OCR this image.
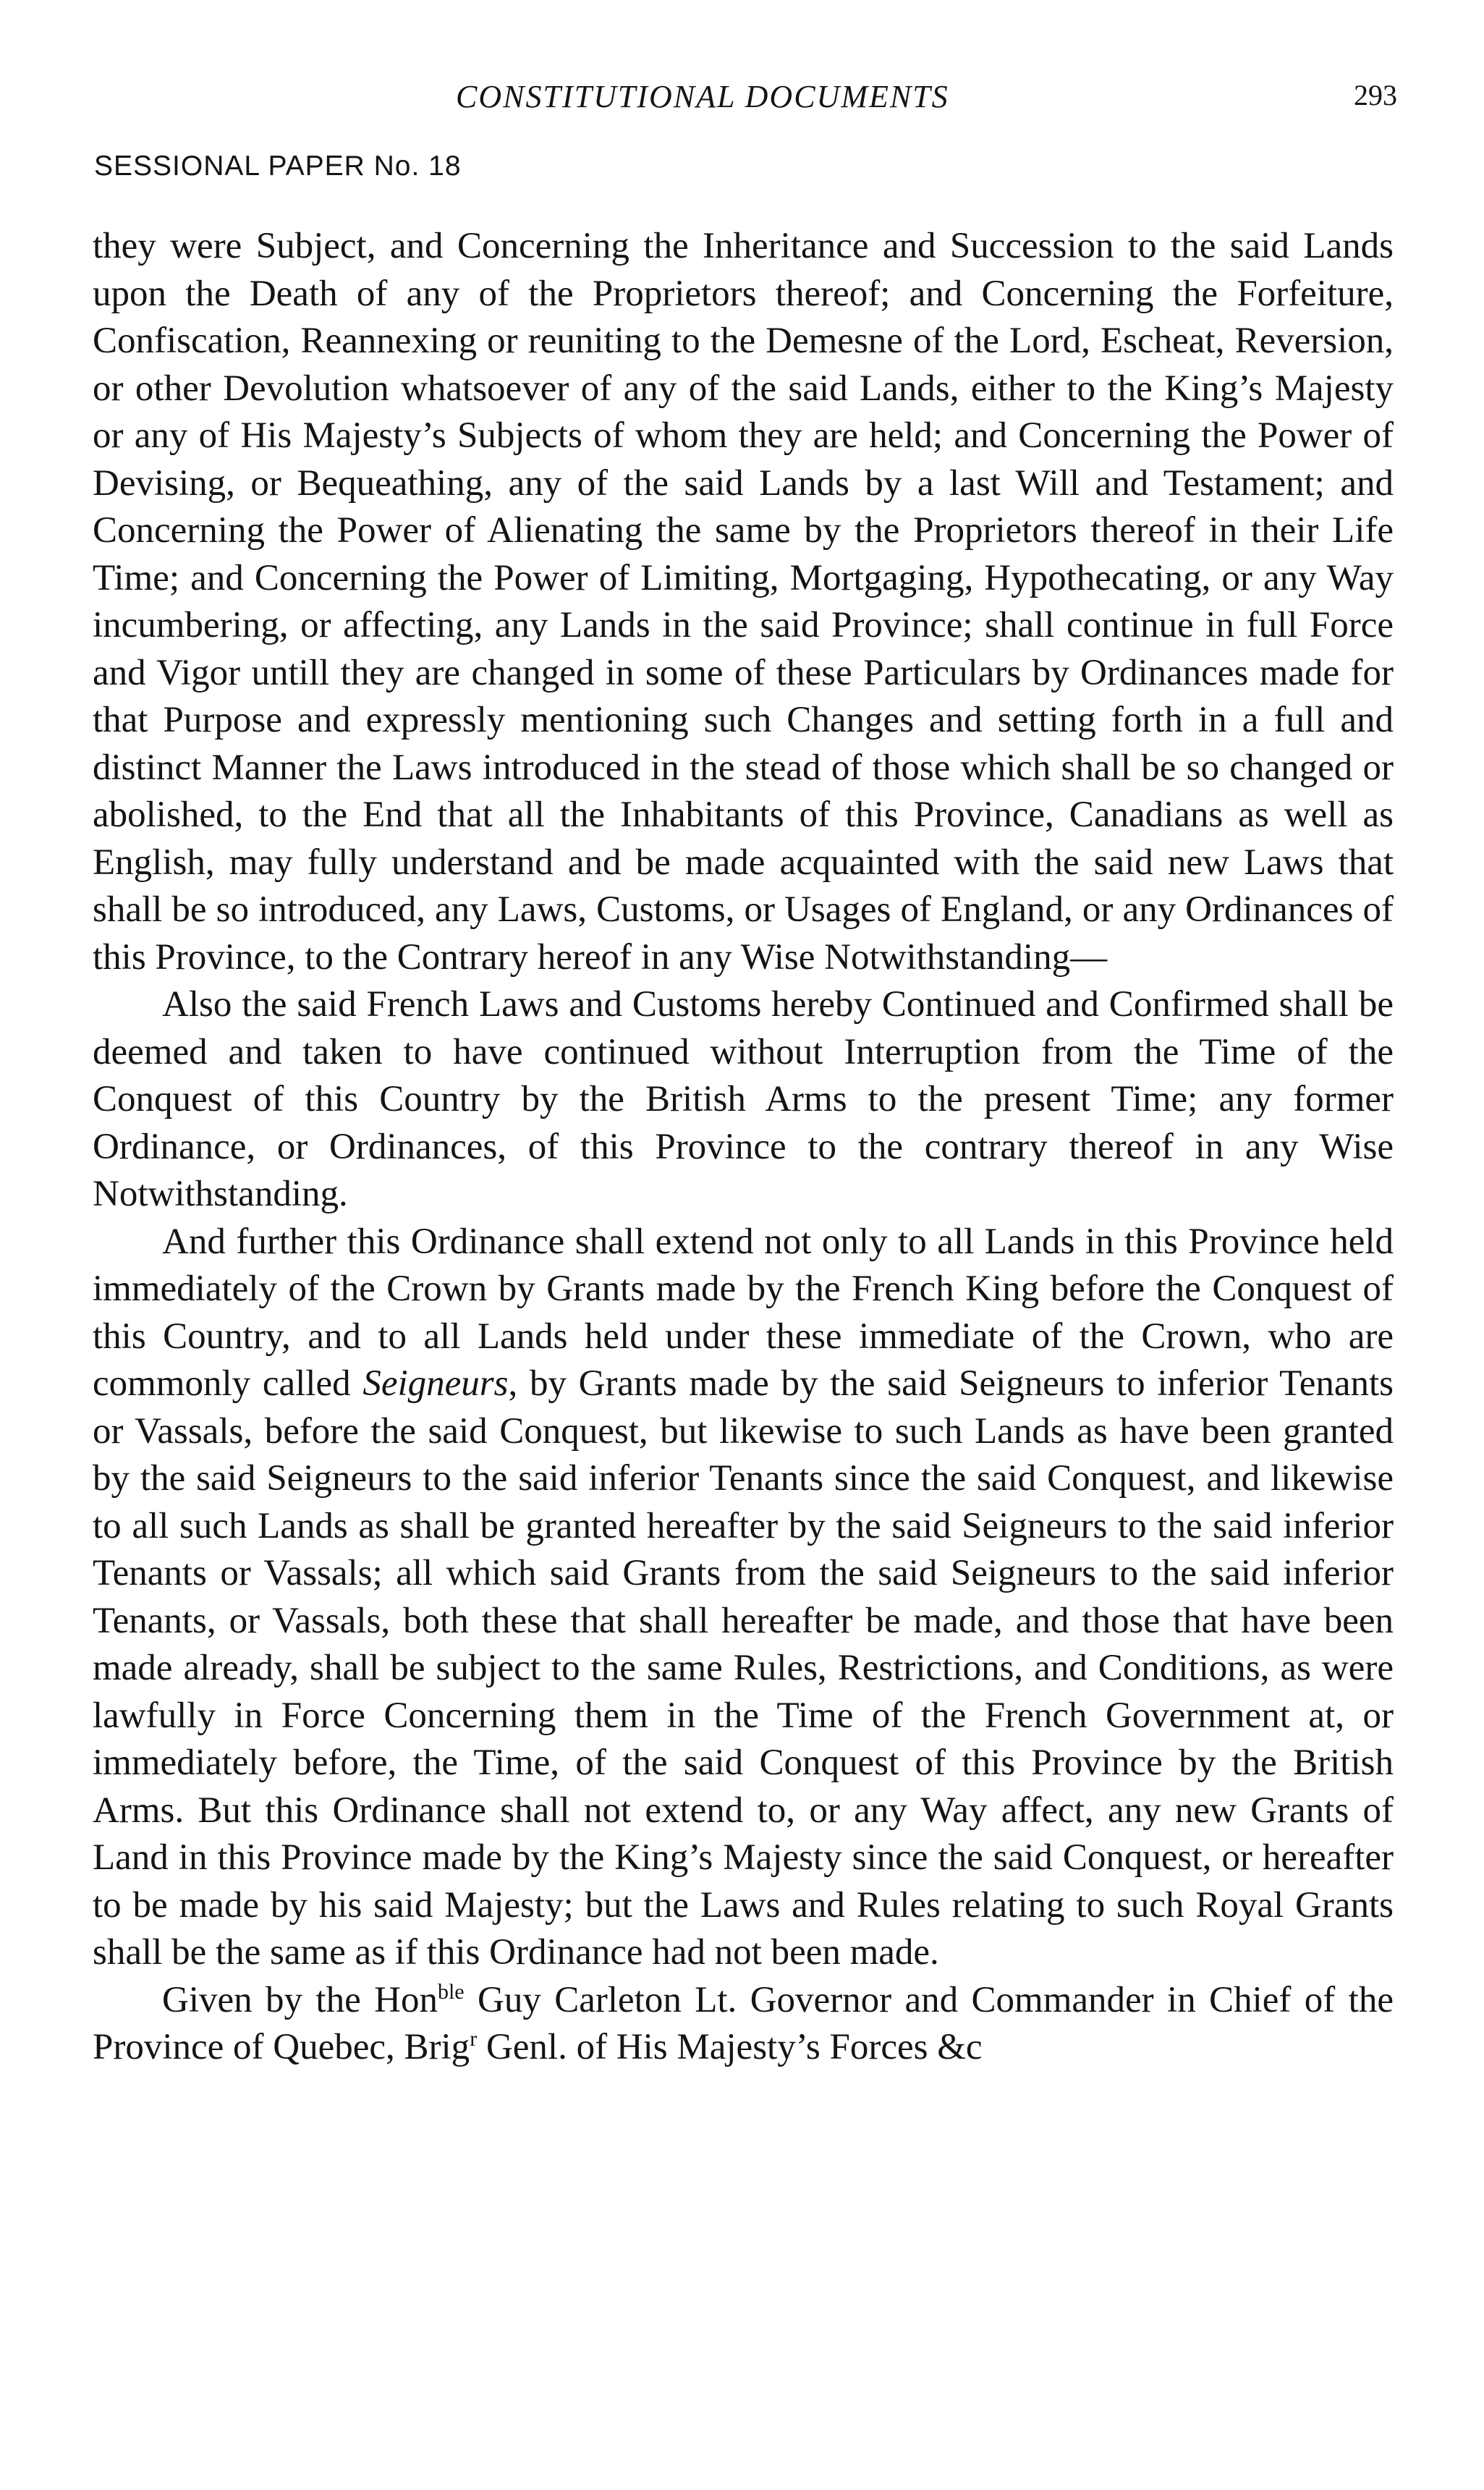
CONSTITUTIONAL DOCUMENTS	293

SESSIONAL PAPER No. 18

they were Subject, and Concerning the Inheritance and Succession to the said Lands upon the Death of any of the Proprietors thereof; and Concerning the Forfeiture, Confiscation, Reannexing or reuniting to the Demesne of the Lord, Escheat, Reversion, or other Devolution whatsoever of any of the said Lands, either to the King’s Majesty or any of His Majesty’s Subjects of whom they are held; and Concerning the Power of Devising, or Bequeathing, any of the said Lands by a last Will and Testament; and Concerning the Power of Alienating the same by the Proprietors thereof in their Life Time; and Concerning the Power of Limiting, Mortgaging, Hypothecating, or any Way incumbering, or affecting, any Lands in the said Province; shall continue in full Force and Vigor untill they are changed in some of these Particulars by Ordinances made for that Purpose and expressly mentioning such Changes and setting forth in a full and distinct Manner the Laws introduced in the stead of those which shall be so changed or abolished, to the End that all the Inhabitants of this Province, Canadians as well as English, may fully understand and be made acquainted with the said new Laws that shall be so introduced, any Laws, Customs, or Usages of England, or any Ordinances of this Province, to the Contrary hereof in any Wise Notwithstanding—

Also the said French Laws and Customs hereby Continued and Confirmed shall be deemed and taken to have continued without Interruption from the Time of the Conquest of this Country by the British Arms to the present Time; any former Ordinance, or Ordinances, of this Province to the contrary thereof in any Wise Notwithstanding.

And further this Ordinance shall extend not only to all Lands in this Province held immediately of the Crown by Grants made by the French King before the Conquest of this Country, and to all Lands held under these immediate of the Crown, who are commonly called Seigneurs, by Grants made by the said Seigneurs to inferior Tenants or Vassals, before the said Conquest, but likewise to such Lands as have been granted by the said Seigneurs to the said inferior Tenants since the said Conquest, and likewise to all such Lands as shall be granted hereafter by the said Seigneurs to the said inferior Tenants or Vassals; all which said Grants from the said Seigneurs to the said inferior Tenants, or Vassals, both these that shall hereafter be made, and those that have been made already, shall be subject to the same Rules, Restrictions, and Conditions, as were lawfully in Force Concerning them in the Time of the French Government at, or immediately before, the Time, of the said Conquest of this Province by the British Arms. But this Ordinance shall not extend to, or any Way affect, any new Grants of Land in this Province made by the King’s Majesty since the said Conquest, or hereafter to be made by his said Majesty; but the Laws and Rules relating to such Royal Grants shall be the same as if this Ordinance had not been made.

Given by the Hon$^{ble}$ Guy Carleton Lt. Governor and Commander in Chief of the Province of Quebec, Brig$^r$ Genl. of His Majesty’s Forces &c
